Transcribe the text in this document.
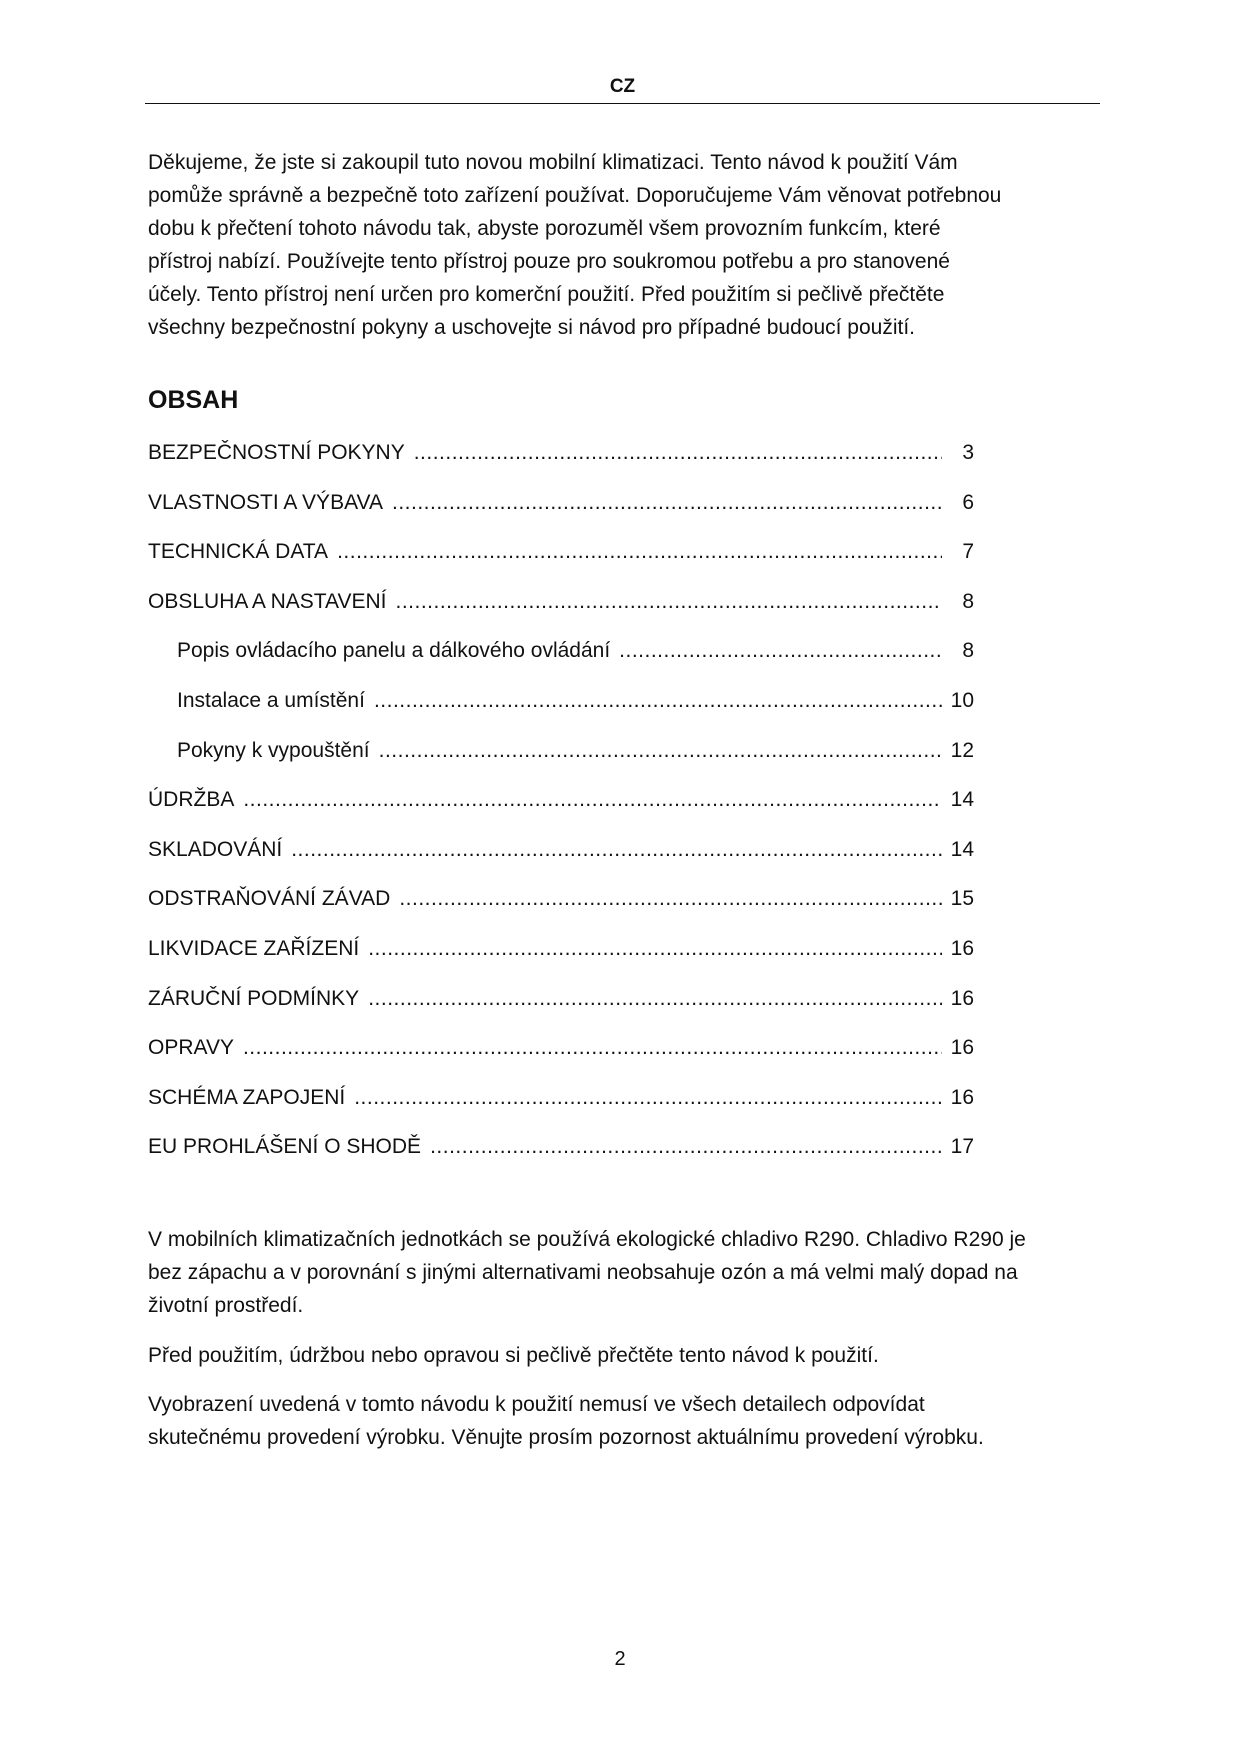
CZ

Děkujeme, že jste si zakoupil tuto novou mobilní klimatizaci. Tento návod k použití Vám
pomůže správně a bezpečně toto zařízení používat. Doporučujeme Vám věnovat potřebnou
dobu k přečtení tohoto návodu tak, abyste porozuměl všem provozním funkcím, které
přístroj nabízí. Používejte tento přístroj pouze pro soukromou potřebu a pro stanovené
účely. Tento přístroj není určen pro komerční použití. Před použitím si pečlivě přečtěte
všechny bezpečnostní pokyny a uschovejte si návod pro případné budoucí použití.

OBSAH
BEZPEČNOSTNÍ POKYNY .....	3
VLASTNOSTI A VÝBAVA .....	6
TECHNICKÁ DATA .....	7
OBSLUHA A NASTAVENÍ .....	8
Popis ovládacího panelu a dálkového ovládání .....	8
Instalace a umístění .....	10
Pokyny k vypouštění .....	12
ÚDRŽBA .....	14
SKLADOVÁNÍ .....	14
ODSTRAŇOVÁNÍ ZÁVAD .....	15
LIKVIDACE ZAŘÍZENÍ .....	16
ZÁRUČNÍ PODMÍNKY .....	16
OPRAVY .....	16
SCHÉMA ZAPOJENÍ .....	16
EU PROHLÁŠENÍ O SHODĚ .....	17

V mobilních klimatizačních jednotkách se používá ekologické chladivo R290. Chladivo R290 je
bez zápachu a v porovnání s jinými alternativami neobsahuje ozón a má velmi malý dopad na
životní prostředí.

Před použitím, údržbou nebo opravou si pečlivě přečtěte tento návod k použití.

Vyobrazení uvedená v tomto návodu k použití nemusí ve všech detailech odpovídat
skutečnému provedení výrobku. Věnujte prosím pozornost aktuálnímu provedení výrobku.

2
